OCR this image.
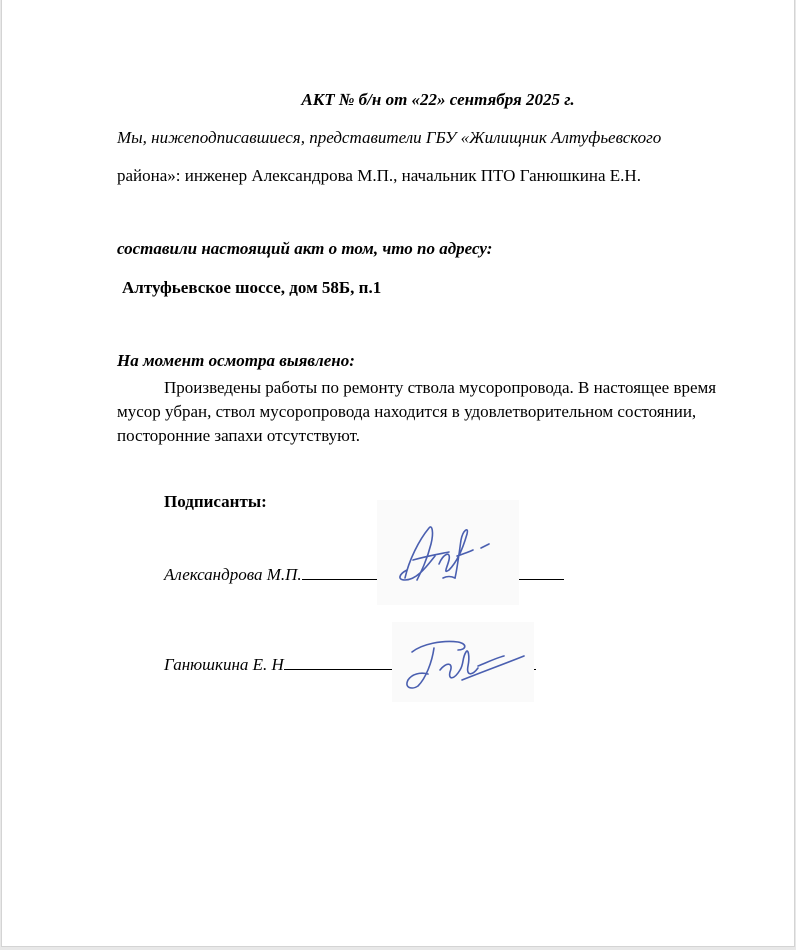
АКТ № б/н от «22» сентября 2025 г.
Мы, нижеподписавшиеся, представители ГБУ «Жилищник Алтуфьевского
района»: инженер Александрова М.П., начальник ПТО Ганюшкина Е.Н.
составили настоящий акт о том, что по адресу:
Алтуфьевское шоссе, дом 58Б, п.1
На момент осмотра выявлено:
Произведены работы по ремонту ствола мусоропровода. В настоящее время мусор убран, ствол мусоропровода находится в удовлетворительном состоянии, посторонние запахи отсутствуют.
Подписанты:
Александрова М.П.
Ганюшкина Е. Н
